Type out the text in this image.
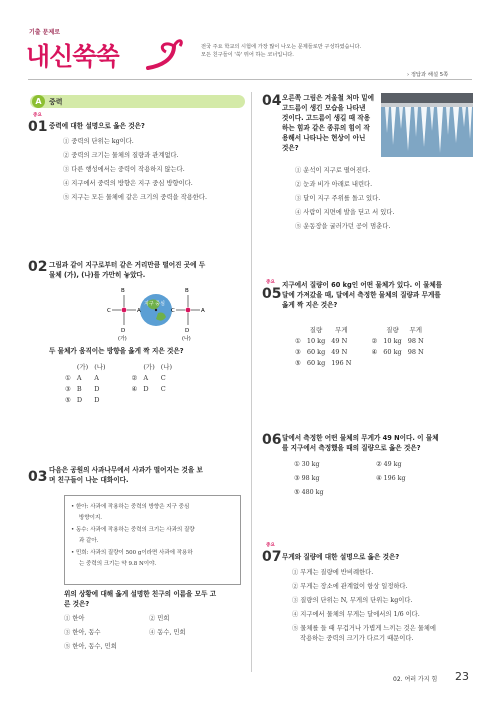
기출 문제로
내신쑥쑥	전국 주요 학교의 시험에 가장 많이 나오는 문제들로만 구성하였습니다.
모든 친구들이 '쑥' 뛰어 하는 코너입니다.
› 정답과 해설 5쪽
A	중력
중요
01 중력에 대한 설명으로 옳은 것은?
① 중력의 단위는 kg이다.
② 중력의 크기는 물체의 질량과 관계없다.
③ 다른 행성에서는 중력이 작용하지 않는다.
④ 지구에서 중력의 방향은 지구 중심 방향이다.
⑤ 지구는 모든 물체에 같은 크기의 중력을 작용한다.
02 그림과 같이 지구로부터 같은 거리만큼 떨어진 곳에 두
물체 (가), (나)를 가만히 놓았다.
지구 중심
B
D
C	A
(가)
B
D
C	A
(나)
두 물체가 움직이는 방향을 옳게 짝 지은 것은?
	(가)	(나)			(가)	(나)
①	A	A		②	A	C
③	B	D		④	D	C
⑤	D	D				
03 다음은 공원의 사과나무에서 사과가 떨어지는 것을 보
며 친구들이 나눈 대화이다.
• 한아: 사과에 작용하는 중력의 방향은 지구 중심
방향이지.
• 동수: 사과에 작용하는 중력의 크기는 사과의 질량
과 같아.
• 민희: 사과의 질량이 500 g이라면 사과에 작용하
는 중력의 크기는 약 9.8 N이야.
위의 상황에 대해 옳게 설명한 친구의 이름을 모두 고
른 것은?
① 한아	② 민희
③ 한아, 동수	④ 동수, 민희
⑤ 한아, 동수, 민희
04 오른쪽 그림은 겨울철 처마 밑에
고드름이 생긴 모습을 나타낸
것이다. 고드름이 생길 때 작용
하는 힘과 같은 종류의 힘이 작
용해서 나타나는 현상이 아닌
것은?
① 운석이 지구로 떨어진다.
② 눈과 비가 아래로 내린다.
③ 달이 지구 주위를 돌고 있다.
④ 사람이 지면에 발을 딛고 서 있다.
⑤ 운동장을 굴러가던 공이 멈춘다.
중요
05
지구에서 질량이 60 kg인 어떤 물체가 있다. 이 물체를
달에 가져갔을 때, 달에서 측정한 물체의 질량과 무게를
옳게 짝 지은 것은?
	질량	무게			질량	무게
①	10 kg	49 N		②	10 kg	98 N
③	60 kg	49 N		④	60 kg	98 N
⑤	60 kg	196 N				
06 달에서 측정한 어떤 물체의 무게가 49 N이다. 이 물체
를 지구에서 측정했을 때의 질량으로 옳은 것은?
① 30 kg	② 49 kg
③ 98 kg	④ 196 kg
⑤ 480 kg
중요
07 무게와 질량에 대한 설명으로 옳은 것은?
① 무게는 질량에 반비례한다.
② 무게는 장소에 관계없이 항상 일정하다.
③ 질량의 단위는 N, 무게의 단위는 kg이다.
④ 지구에서 물체의 무게는 달에서의 1/6 이다.
⑤ 물체를 들 때 무겁거나 가볍게 느끼는 것은 물체에
작용하는 중력의 크기가 다르기 때문이다.
02. 여러 가지 힘 23
